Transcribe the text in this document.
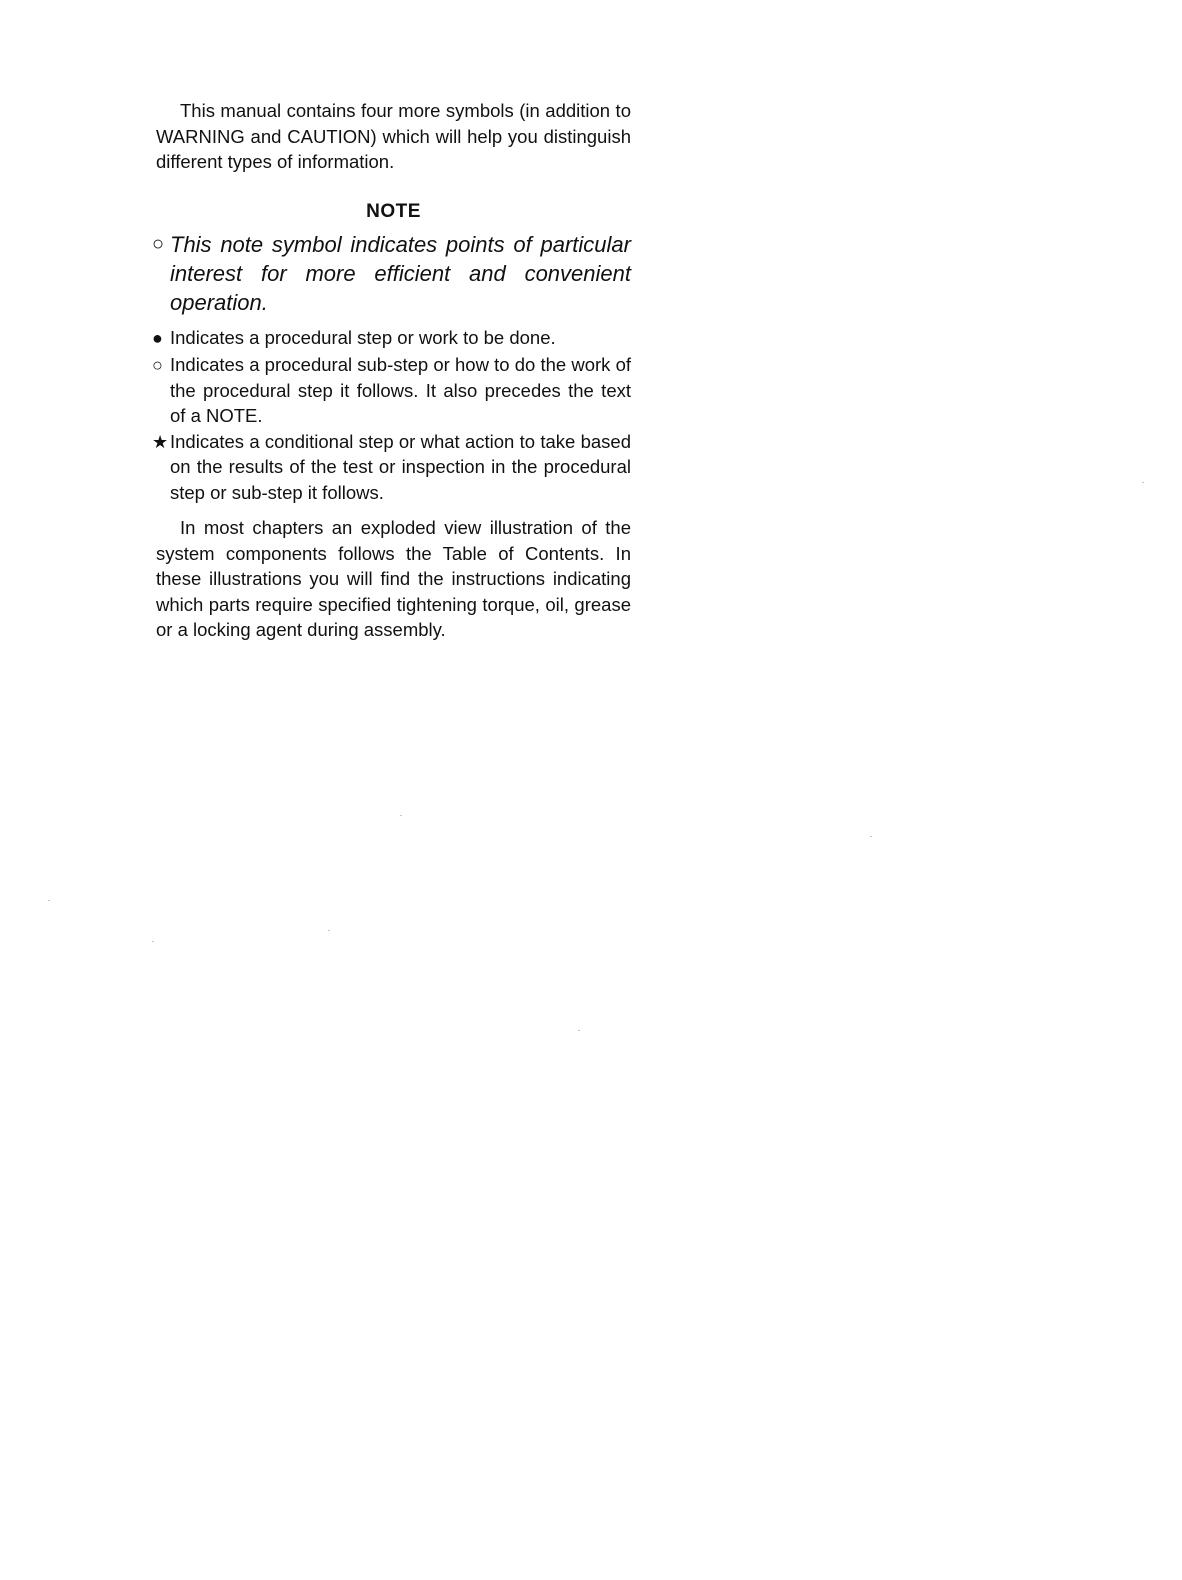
This manual contains four more symbols (in addition to WARNING and CAUTION) which will help you distinguish different types of information.

NOTE
○ This note symbol indicates points of particular interest for more efficient and convenient operation.
● Indicates a procedural step or work to be done.
○ Indicates a procedural sub-step or how to do the work of the procedural step it follows. It also precedes the text of a NOTE.
★ Indicates a conditional step or what action to take based on the results of the test or inspection in the procedural step or sub-step it follows.

In most chapters an exploded view illustration of the system components follows the Table of Contents. In these illustrations you will find the instructions indicating which parts require specified tightening torque, oil, grease or a locking agent during assembly.
